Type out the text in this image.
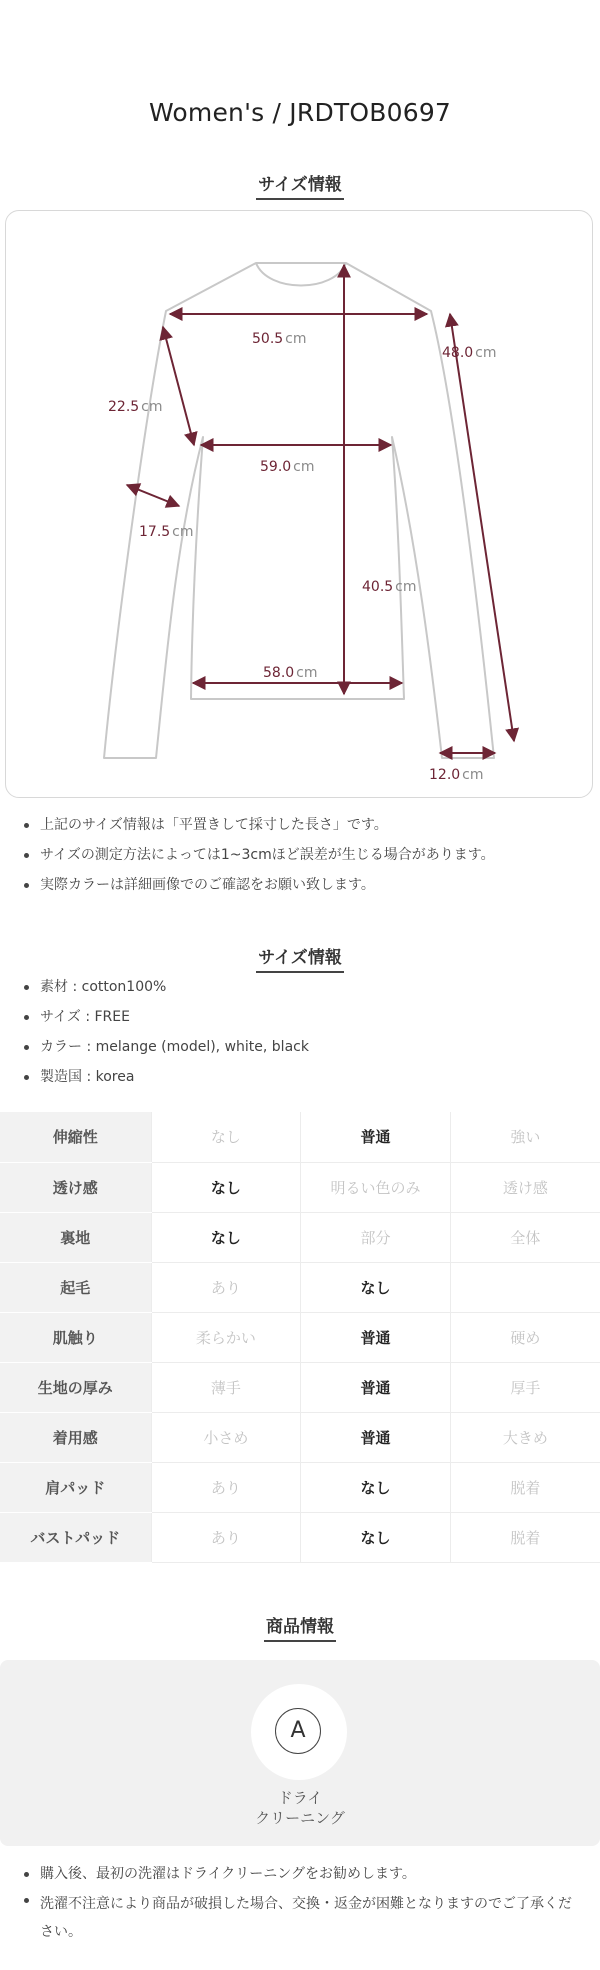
Women's / JRDTOB0697
サイズ情報
50.5 cm
48.0 cm
22.5 cm
59.0 cm
17.5 cm
40.5 cm
58.0 cm
12.0 cm
上記のサイズ情報は「平置きして採寸した長さ」です。
サイズの測定方法によっては1~3cmほど誤差が生じる場合があります。
実際カラーは詳細画像でのご確認をお願い致します。
サイズ情報
素材 : cotton100%
サイズ : FREE
カラー : melange (model), white, black
製造国 : korea
伸縮性	なし	普通	強い
透け感	なし	明るい色のみ	透け感
裏地	なし	部分	全体
起毛	あり	なし	
肌触り	柔らかい	普通	硬め
生地の厚み	薄手	普通	厚手
着用感	小さめ	普通	大きめ
肩パッド	あり	なし	脱着
バストパッド	あり	なし	脱着
商品情報
A
ドライ
クリーニング
購入後、最初の洗濯はドライクリーニングをお勧めします。
洗濯不注意により商品が破損した場合、交換・返金が困難となりますのでご了承ください。
